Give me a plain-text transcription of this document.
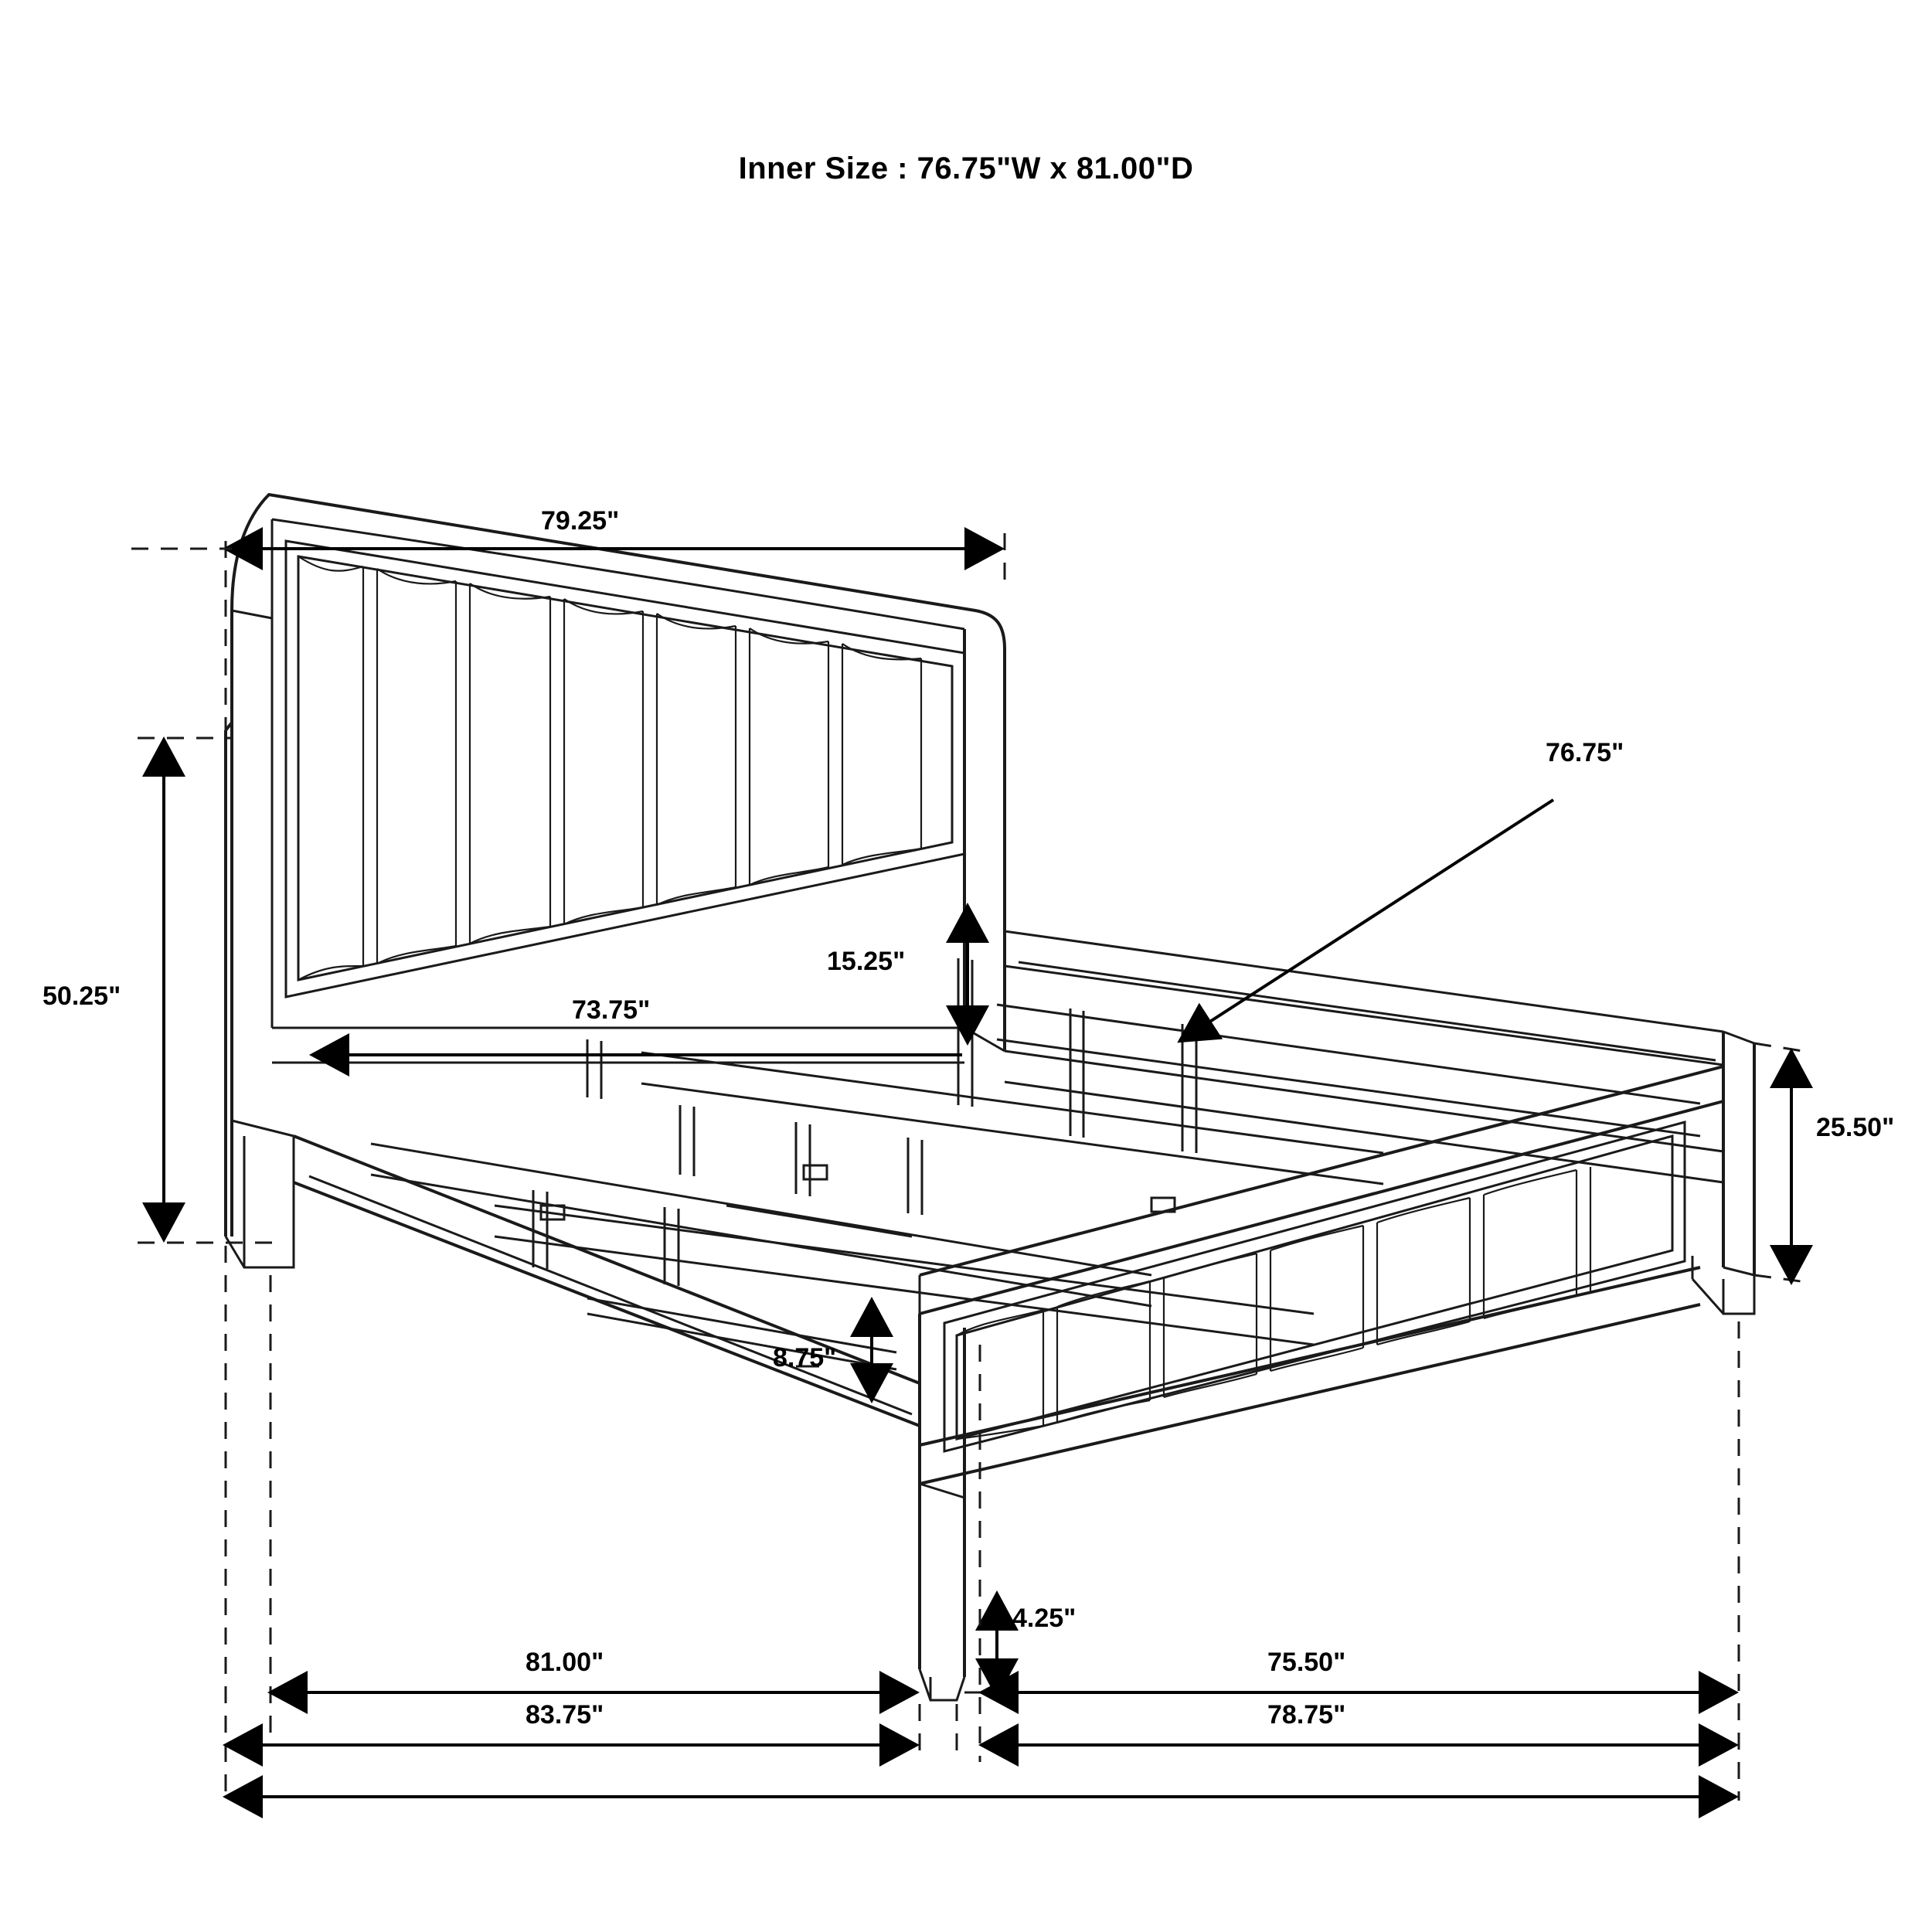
Inner Size : 76.75"W x 81.00"D
79.25"
50.25"
15.25"
73.75"
76.75"
25.50"
8.75"
4.25"
81.00"	75.50"
83.75"	78.75"
